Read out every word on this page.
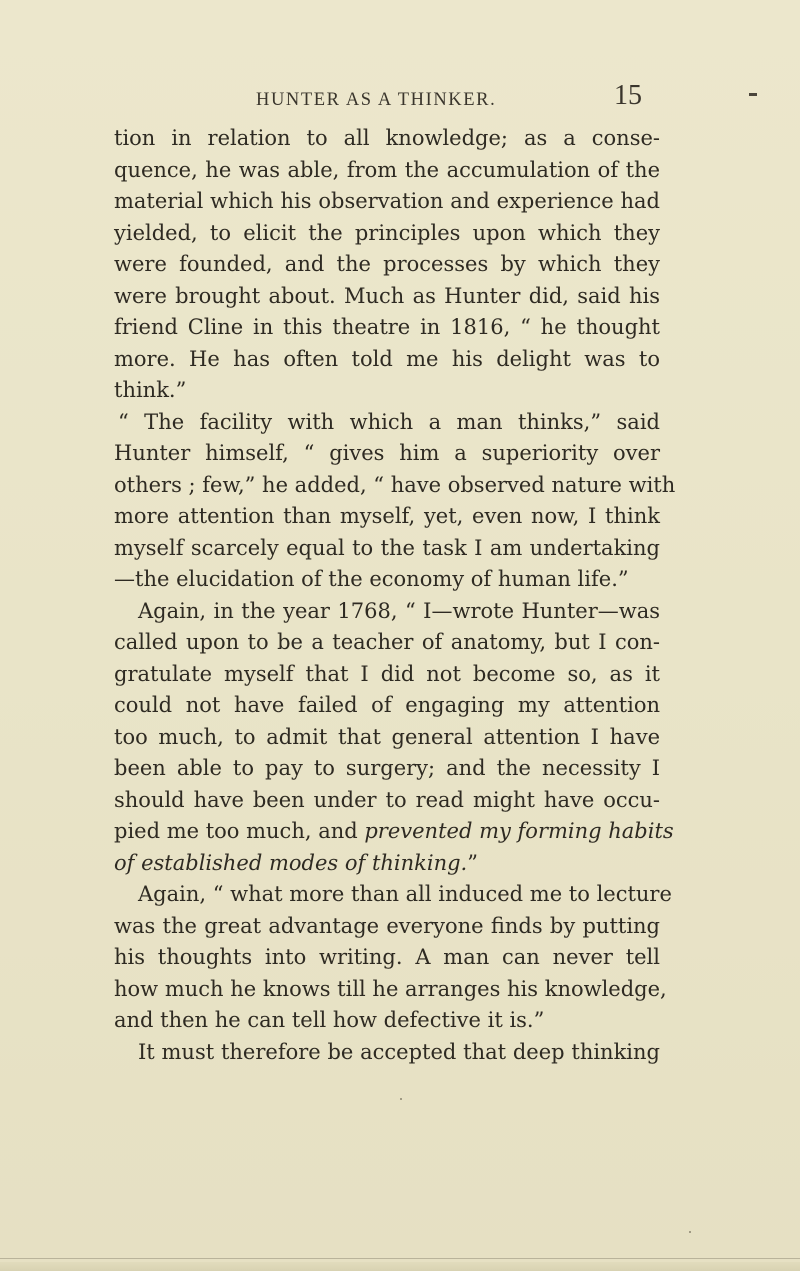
HUNTER AS A THINKER.	15
tion in relation to all knowledge; as a conse-
quence, he was able, from the accumulation of the
material which his observation and experience had
yielded, to elicit the principles upon which they
were founded, and the processes by which they
were brought about. Much as Hunter did, said his
friend Cline in this theatre in 1816, “ he thought
more. He has often told me his delight was to
think.”
“ The facility with which a man thinks,” said
Hunter himself, “ gives him a superiority over
others ; few,” he added, “ have observed nature with
more attention than myself, yet, even now, I think
myself scarcely equal to the task I am undertaking
—the elucidation of the economy of human life.”
Again, in the year 1768, “ I—wrote Hunter—was
called upon to be a teacher of anatomy, but I con-
gratulate myself that I did not become so, as it
could not have failed of engaging my attention
too much, to admit that general attention I have
been able to pay to surgery; and the necessity I
should have been under to read might have occu-
pied me too much, and prevented my forming habits
of established modes of thinking.”
Again, “ what more than all induced me to lecture
was the great advantage everyone finds by putting
his thoughts into writing. A man can never tell
how much he knows till he arranges his knowledge,
and then he can tell how defective it is.”
It must therefore be accepted that deep thinking
